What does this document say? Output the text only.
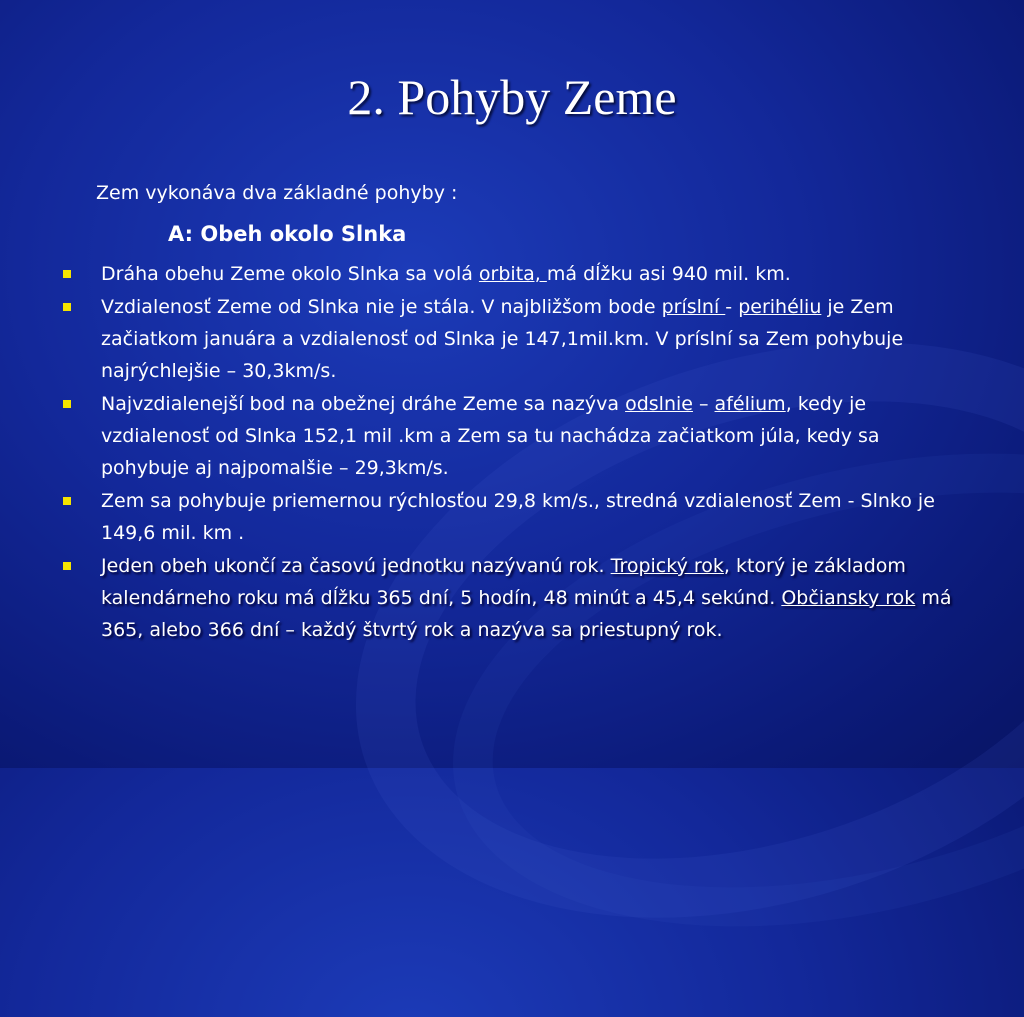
2. Pohyby Zeme
Zem vykonáva dva základné pohyby :
A: Obeh okolo Slnka
Dráha obehu Zeme okolo Slnka sa volá orbita, má dĺžku asi 940 mil. km.
Vzdialenosť Zeme od Slnka nie je stála. V najbližšom bode príslní - perihéliu je Zem začiatkom januára a vzdialenosť od Slnka je 147,1mil.km. V príslní sa Zem pohybuje najrýchlejšie – 30,3km/s.
Najvzdialenejší bod na obežnej dráhe Zeme sa nazýva odslnie – afélium, kedy je vzdialenosť od Slnka 152,1 mil .km a Zem sa tu nachádza začiatkom júla, kedy sa pohybuje aj najpomalšie – 29,3km/s.
Zem sa pohybuje priemernou rýchlosťou 29,8 km/s., stredná vzdialenosť Zem - Slnko je 149,6 mil. km .
Jeden obeh ukončí za časovú jednotku nazývanú rok. Tropický rok, ktorý je základom kalendárneho roku má dĺžku 365 dní, 5 hodín, 48 minút a 45,4 sekúnd. Občiansky rok má 365, alebo 366 dní – každý štvrtý rok a nazýva sa priestupný rok.
